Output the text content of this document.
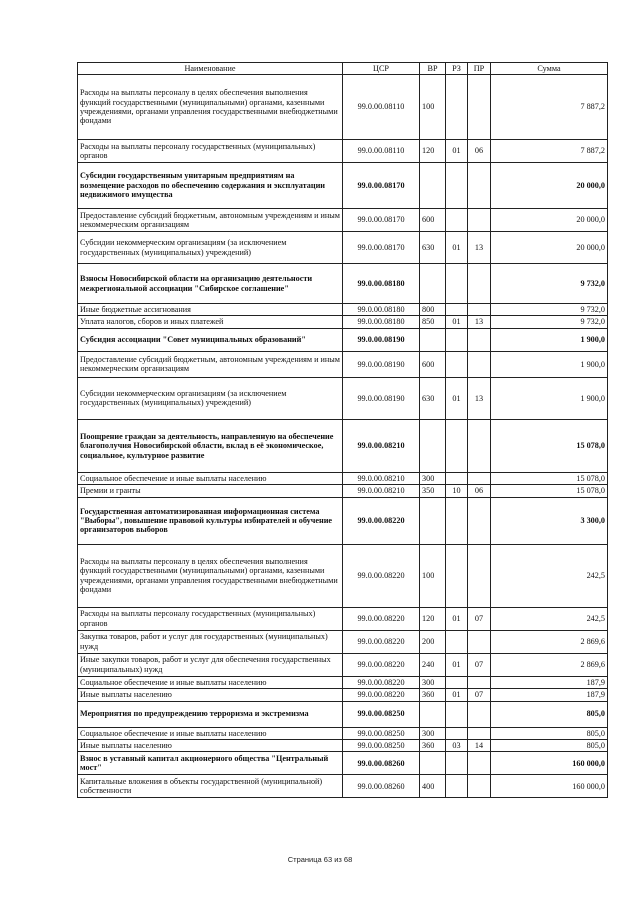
Наименование	ЦСР	ВР	РЗ	ПР	Сумма
Расходы на выплаты персоналу в целях обеспечения выполнения функций государственными (муниципальными) органами, казенными учреждениями, органами управления государственными внебюджетными фондами	99.0.00.08110	100			7 887,2
Расходы на выплаты персоналу государственных (муниципальных) органов	99.0.00.08110	120	01	06	7 887,2
Субсидии государственным унитарным предприятиям на возмещение расходов по обеспечению содержания и эксплуатации недвижимого имущества	99.0.00.08170				20 000,0
Предоставление субсидий бюджетным, автономным учреждениям и иным некоммерческим организациям	99.0.00.08170	600			20 000,0
Субсидии некоммерческим организациям (за исключением государственных (муниципальных) учреждений)	99.0.00.08170	630	01	13	20 000,0
Взносы Новосибирской области на организацию деятельности межрегиональной ассоциации "Сибирское соглашение"	99.0.00.08180				9 732,0
Иные бюджетные ассигнования	99.0.00.08180	800			9 732,0
Уплата налогов, сборов и иных платежей	99.0.00.08180	850	01	13	9 732,0
Субсидия ассоциации "Совет муниципальных образований"	99.0.00.08190				1 900,0
Предоставление субсидий бюджетным, автономным учреждениям и иным некоммерческим организациям	99.0.00.08190	600			1 900,0
Субсидии некоммерческим организациям (за исключением государственных (муниципальных) учреждений)	99.0.00.08190	630	01	13	1 900,0
Поощрение граждан за деятельность, направленную на обеспечение благополучия Новосибирской области, вклад в её экономическое, социальное, культурное развитие	99.0.00.08210				15 078,0
Социальное обеспечение и иные выплаты населению	99.0.00.08210	300			15 078,0
Премии и гранты	99.0.00.08210	350	10	06	15 078,0
Государственная автоматизированная информационная система "Выборы", повышение правовой культуры избирателей и обучение организаторов выборов	99.0.00.08220				3 300,0
Расходы на выплаты персоналу в целях обеспечения выполнения функций государственными (муниципальными) органами, казенными учреждениями, органами управления государственными внебюджетными фондами	99.0.00.08220	100			242,5
Расходы на выплаты персоналу государственных (муниципальных) органов	99.0.00.08220	120	01	07	242,5
Закупка товаров, работ и услуг для государственных (муниципальных) нужд	99.0.00.08220	200			2 869,6
Иные закупки товаров, работ и услуг для обеспечения государственных (муниципальных) нужд	99.0.00.08220	240	01	07	2 869,6
Социальное обеспечение и иные выплаты населению	99.0.00.08220	300			187,9
Иные выплаты населению	99.0.00.08220	360	01	07	187,9
Мероприятия по предупреждению терроризма и экстремизма	99.0.00.08250				805,0
Социальное обеспечение и иные выплаты населению	99.0.00.08250	300			805,0
Иные выплаты населению	99.0.00.08250	360	03	14	805,0
Взнос в уставный капитал акционерного общества "Центральный мост"	99.0.00.08260				160 000,0
Капитальные вложения в объекты государственной (муниципальной) собственности	99.0.00.08260	400			160 000,0
Страница 63 из 68
